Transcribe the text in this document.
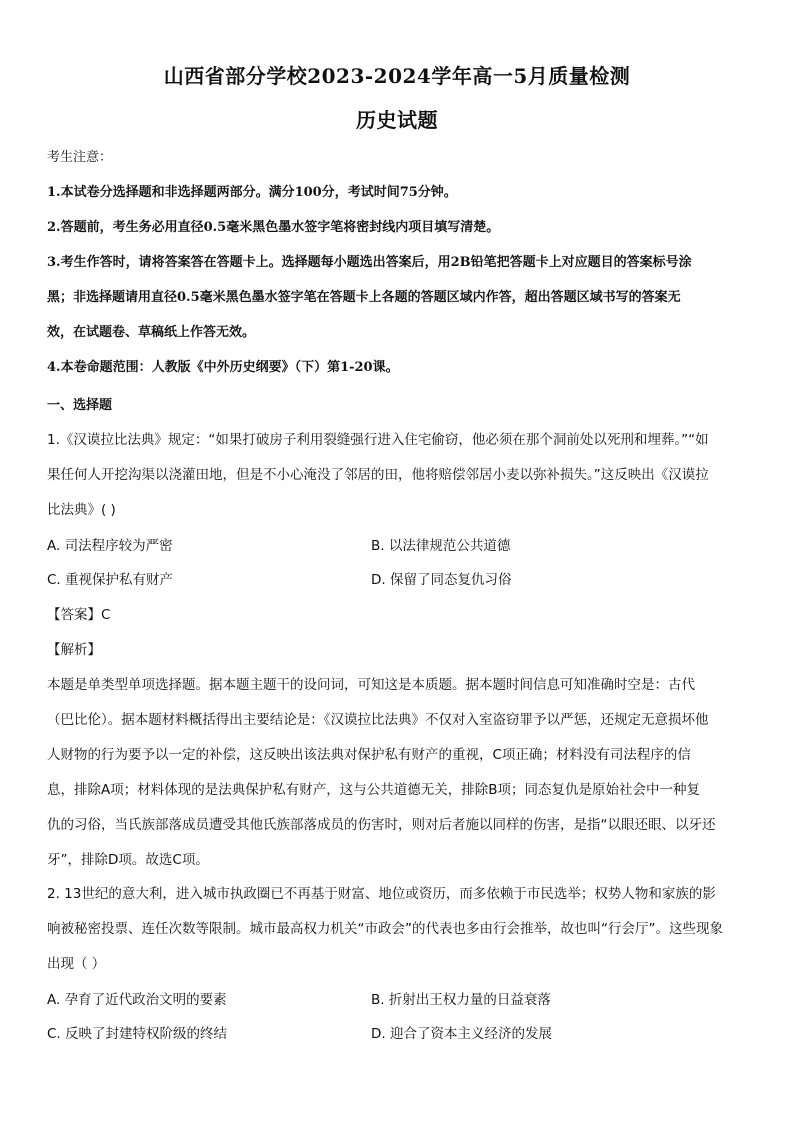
山西省部分学校2023-2024学年高一5月质量检测
历史试题
考生注意：
1.本试卷分选择题和非选择题两部分。满分100分，考试时间75分钟。
2.答题前，考生务必用直径0.5毫米黑色墨水签字笔将密封线内项目填写清楚。
3.考生作答时，请将答案答在答题卡上。选择题每小题选出答案后，用2B铅笔把答题卡上对应题目的答案标号涂
黑；非选择题请用直径0.5毫米黑色墨水签字笔在答题卡上各题的答题区域内作答，超出答题区域书写的答案无
效，在试题卷、草稿纸上作答无效。
4.本卷命题范围：人教版《中外历史纲要》（下）第1-20课。
一、选择题
1.《汉谟拉比法典》规定：“如果打破房子利用裂缝强行进入住宅偷窃，他必须在那个洞前处以死刑和埋葬。”“如
果任何人开挖沟渠以浇灌田地，但是不小心淹没了邻居的田，他将赔偿邻居小麦以弥补损失。”这反映出《汉谟拉
比法典》( )
A. 司法程序较为严密	B. 以法律规范公共道德
C. 重视保护私有财产	D. 保留了同态复仇习俗
【答案】C
【解析】
本题是单类型单项选择题。据本题主题干的设问词，可知这是本质题。据本题时间信息可知准确时空是：古代
（巴比伦）。据本题材料概括得出主要结论是：《汉谟拉比法典》不仅对入室盗窃罪予以严惩，还规定无意损坏他
人财物的行为要予以一定的补偿，这反映出该法典对保护私有财产的重视，C项正确；材料没有司法程序的信
息，排除A项；材料体现的是法典保护私有财产，这与公共道德无关，排除B项；同态复仇是原始社会中一种复
仇的习俗，当氏族部落成员遭受其他氏族部落成员的伤害时，则对后者施以同样的伤害，是指“以眼还眼、以牙还
牙”，排除D项。故选C项。
2. 13世纪的意大利，进入城市执政圈已不再基于财富、地位或资历，而多依赖于市民选举；权势人物和家族的影
响被秘密投票、连任次数等限制。城市最高权力机关“市政会”的代表也多由行会推举，故也叫“行会厅”。这些现象
出现（ ）
A. 孕育了近代政治文明的要素	B. 折射出王权力量的日益衰落
C. 反映了封建特权阶级的终结	D. 迎合了资本主义经济的发展
